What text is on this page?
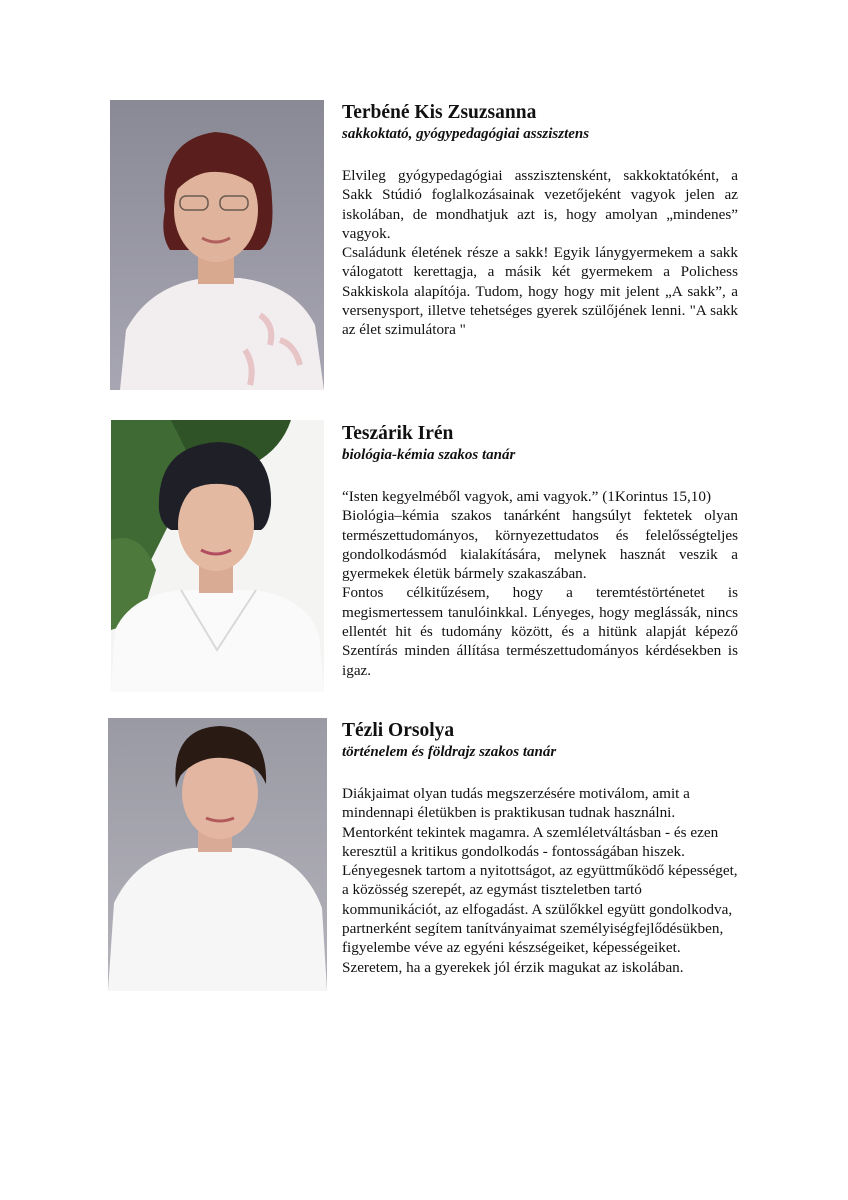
Terbéné Kis Zsuzsanna

sakkoktató, gyógypedagógiai asszisztens

Elvileg gyógypedagógiai asszisztensként, sakkoktatóként, a Sakk Stúdió foglalkozásainak vezetőjeként vagyok jelen az iskolában, de mondhatjuk azt is, hogy amolyan „mindenes” vagyok.

Családunk életének része a sakk! Egyik lánygyermekem a sakk válogatott kerettagja, a másik két gyermekem a Polichess Sakkiskola alapítója. Tudom, hogy hogy mit jelent „A sakk”, a versenysport, illetve tehetséges gyerek szülőjének lenni. "A sakk az élet szimulátora "

Teszárik Irén

biológia-kémia szakos tanár

“Isten kegyelméből vagyok, ami vagyok.” (1Korintus 15,10)

Biológia–kémia szakos tanárként hangsúlyt fektetek olyan természettudományos, környezettudatos és felelősségteljes gondolkodásmód kialakítására, melynek hasznát veszik a gyermekek életük bármely szakaszában.

Fontos célkitűzésem, hogy a teremtéstörténetet is megismertessem tanulóinkkal. Lényeges, hogy meglássák, nincs ellentét hit és tudomány között, és a hitünk alapját képező Szentírás minden állítása természettudományos kérdésekben is igaz.

Tézli Orsolya

történelem és földrajz szakos tanár

Diákjaimat olyan tudás megszerzésére motiválom, amit a mindennapi életükben is praktikusan tudnak használni. Mentorként tekintek magamra. A szemléletváltásban - és ezen keresztül a kritikus gondolkodás - fontosságában hiszek. Lényegesnek tartom a nyitottságot, az együttműködő képességet, a közösség szerepét, az egymást tiszteletben tartó kommunikációt, az elfogadást. A szülőkkel együtt gondolkodva, partnerként segítem tanítványaimat személyiségfejlődésükben, figyelembe véve az egyéni készségeiket, képességeiket. Szeretem, ha a gyerekek jól érzik magukat az iskolában.
